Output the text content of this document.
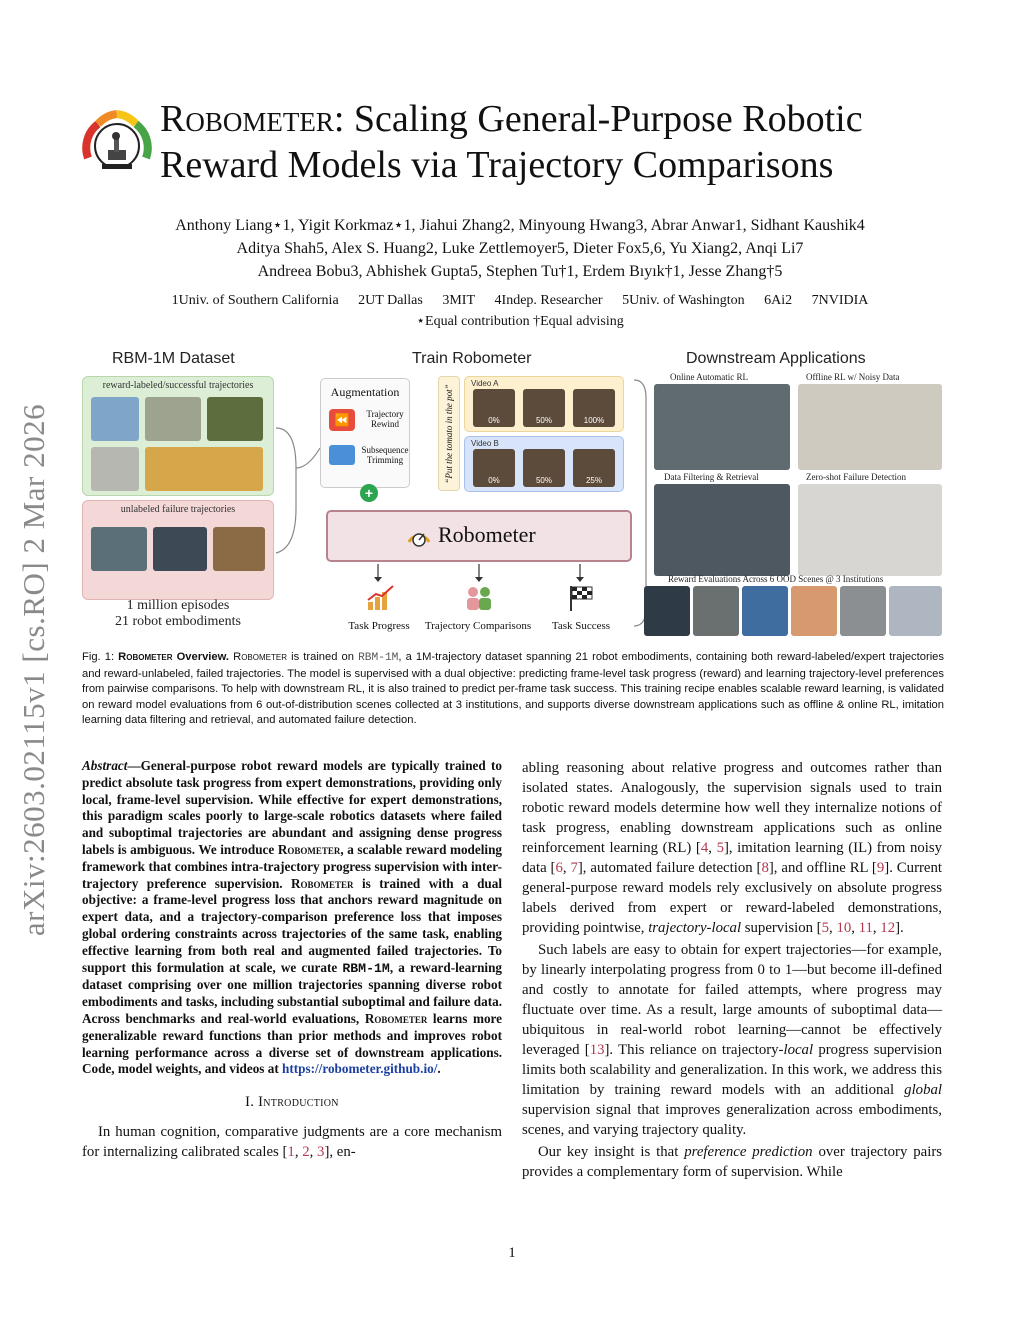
arXiv:2603.02115v1 [cs.RO] 2 Mar 2026
Robometer: Scaling General-Purpose Robotic Reward Models via Trajectory Comparisons
Anthony Liang⋆1, Yigit Korkmaz⋆1, Jiahui Zhang2, Minyoung Hwang3, Abrar Anwar1, Sidhant Kaushik4
Aditya Shah5, Alex S. Huang2, Luke Zettlemoyer5, Dieter Fox5,6, Yu Xiang2, Anqi Li7
Andreea Bobu3, Abhishek Gupta5, Stephen Tu†1, Erdem Bıyık†1, Jesse Zhang†5
1Univ. of Southern California 2UT Dallas 3MIT 4Indep. Researcher 5Univ. of Washington 6Ai2 7NVIDIA
⋆Equal contribution †Equal advising
RBM-1M Dataset	Train Robometer	Downstream Applications
reward-labeled/successful trajectories
unlabeled failure trajectories
1 million episodes
21 robot embodiments
Augmentation
⏪	Trajectory Rewind
Subsequence Trimming
+
“Put the tomato in the pot”
Video A
0%	50%	100%
Video B
0%	50%	25%
Robometer
Task Progress	Trajectory Comparisons	Task Success
Online Automatic RL	Offline RL w/ Noisy Data
Data Filtering & Retrieval	Zero-shot Failure Detection
Reward Evaluations Across 6 OOD Scenes @ 3 Institutions
Fig. 1: Robometer Overview. Robometer is trained on RBM-1M, a 1M-trajectory dataset spanning 21 robot embodiments, containing both reward-labeled/expert trajectories and reward-unlabeled, failed trajectories. The model is supervised with a dual objective: predicting frame-level task progress (reward) and learning trajectory-level preferences from pairwise comparisons. To help with downstream RL, it is also trained to predict per-frame task success. This training recipe enables scalable reward learning, is validated on reward model evaluations from 6 out-of-distribution scenes collected at 3 institutions, and supports diverse downstream applications such as offline & online RL, imitation learning data filtering and retrieval, and automated failure detection.
Abstract—General-purpose robot reward models are typically trained to predict absolute task progress from expert demonstrations, providing only local, frame-level supervision. While effective for expert demonstrations, this paradigm scales poorly to large-scale robotics datasets where failed and suboptimal trajectories are abundant and assigning dense progress labels is ambiguous. We introduce Robometer, a scalable reward modeling framework that combines intra-trajectory progress supervision with inter-trajectory preference supervision. Robometer is trained with a dual objective: a frame-level progress loss that anchors reward magnitude on expert data, and a trajectory-comparison preference loss that imposes global ordering constraints across trajectories of the same task, enabling effective learning from both real and augmented failed trajectories. To support this formulation at scale, we curate RBM-1M, a reward-learning dataset comprising over one million trajectories spanning diverse robot embodiments and tasks, including substantial suboptimal and failure data. Across benchmarks and real-world evaluations, Robometer learns more generalizable reward functions than prior methods and improves robot learning performance across a diverse set of downstream applications. Code, model weights, and videos at https://robometer.github.io/.
I. Introduction
In human cognition, comparative judgments are a core mechanism for internalizing calibrated scales [1, 2, 3], en-
abling reasoning about relative progress and outcomes rather than isolated states. Analogously, the supervision signals used to train robotic reward models determine how well they internalize notions of task progress, enabling downstream applications such as online reinforcement learning (RL) [4, 5], imitation learning (IL) from noisy data [6, 7], automated failure detection [8], and offline RL [9]. Current general-purpose reward models rely exclusively on absolute progress labels derived from expert or reward-labeled demonstrations, providing pointwise, trajectory-local supervision [5, 10, 11, 12].
Such labels are easy to obtain for expert trajectories—for example, by linearly interpolating progress from 0 to 1—but become ill-defined and costly to annotate for failed attempts, where progress may fluctuate over time. As a result, large amounts of suboptimal data—ubiquitous in real-world robot learning—cannot be effectively leveraged [13]. This reliance on trajectory-local progress supervision limits both scalability and generalization. In this work, we address this limitation by training reward models with an additional global supervision signal that improves generalization across embodiments, scenes, and varying trajectory quality.
Our key insight is that preference prediction over trajectory pairs provides a complementary form of supervision. While
1
